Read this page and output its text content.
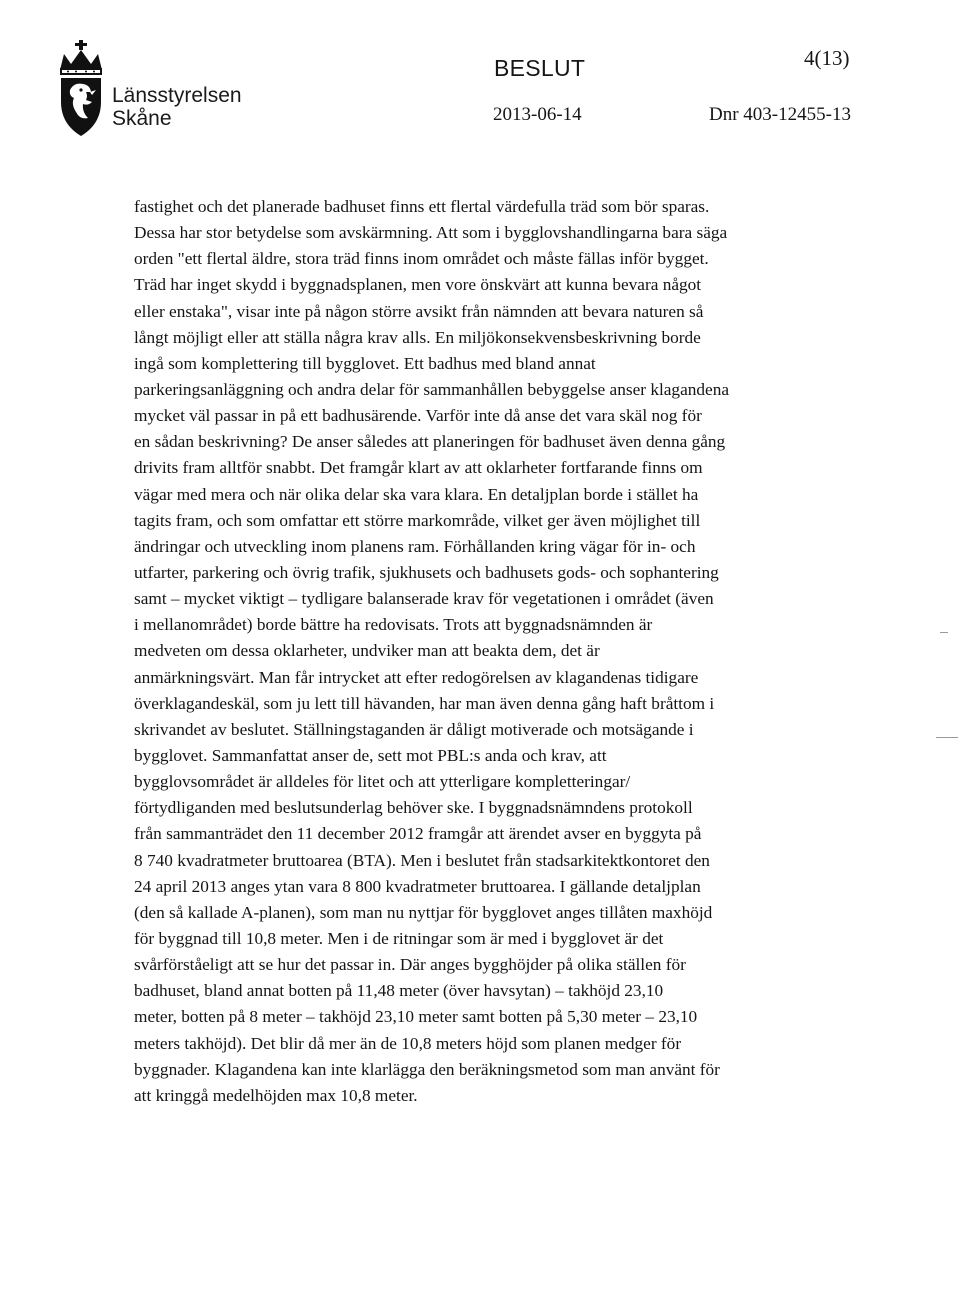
Länsstyrelsen
Skåne
BESLUT	4(13)
2013-06-14	Dnr 403-12455-13
fastighet och det planerade badhuset finns ett flertal värdefulla träd som bör sparas.
Dessa har stor betydelse som avskärmning. Att som i bygglovshandlingarna bara säga
orden "ett flertal äldre, stora träd finns inom området och måste fällas inför bygget.
Träd har inget skydd i byggnadsplanen, men vore önskvärt att kunna bevara något
eller enstaka", visar inte på någon större avsikt från nämnden att bevara naturen så
långt möjligt eller att ställa några krav alls. En miljökonsekvensbeskrivning borde
ingå som komplettering till bygglovet. Ett badhus med bland annat
parkeringsanläggning och andra delar för sammanhållen bebyggelse anser klagandena
mycket väl passar in på ett badhusärende. Varför inte då anse det vara skäl nog för
en sådan beskrivning? De anser således att planeringen för badhuset även denna gång
drivits fram alltför snabbt. Det framgår klart av att oklarheter fortfarande finns om
vägar med mera och när olika delar ska vara klara. En detaljplan borde i stället ha
tagits fram, och som omfattar ett större markområde, vilket ger även möjlighet till
ändringar och utveckling inom planens ram. Förhållanden kring vägar för in- och
utfarter, parkering och övrig trafik, sjukhusets och badhusets gods- och sophantering
samt – mycket viktigt – tydligare balanserade krav för vegetationen i området (även
i mellanområdet) borde bättre ha redovisats. Trots att byggnadsnämnden är
medveten om dessa oklarheter, undviker man att beakta dem, det är
anmärkningsvärt. Man får intrycket att efter redogörelsen av klagandenas tidigare
överklagandeskäl, som ju lett till hävanden, har man även denna gång haft bråttom i
skrivandet av beslutet. Ställningstaganden är dåligt motiverade och motsägande i
bygglovet. Sammanfattat anser de, sett mot PBL:s anda och krav, att
bygglovsområdet är alldeles för litet och att ytterligare kompletteringar/
förtydliganden med beslutsunderlag behöver ske. I byggnadsnämndens protokoll
från sammanträdet den 11 december 2012 framgår att ärendet avser en byggyta på
8 740 kvadratmeter bruttoarea (BTA). Men i beslutet från stadsarkitektkontoret den
24 april 2013 anges ytan vara 8 800 kvadratmeter bruttoarea. I gällande detaljplan
(den så kallade A-planen), som man nu nyttjar för bygglovet anges tillåten maxhöjd
för byggnad till 10,8 meter. Men i de ritningar som är med i bygglovet är det
svårförståeligt att se hur det passar in. Där anges bygghöjder på olika ställen för
badhuset, bland annat botten på 11,48 meter (över havsytan) – takhöjd 23,10
meter, botten på 8 meter – takhöjd 23,10 meter samt botten på 5,30 meter – 23,10
meters takhöjd). Det blir då mer än de 10,8 meters höjd som planen medger för
byggnader. Klagandena kan inte klarlägga den beräkningsmetod som man använt för
att kringgå medelhöjden max 10,8 meter.
